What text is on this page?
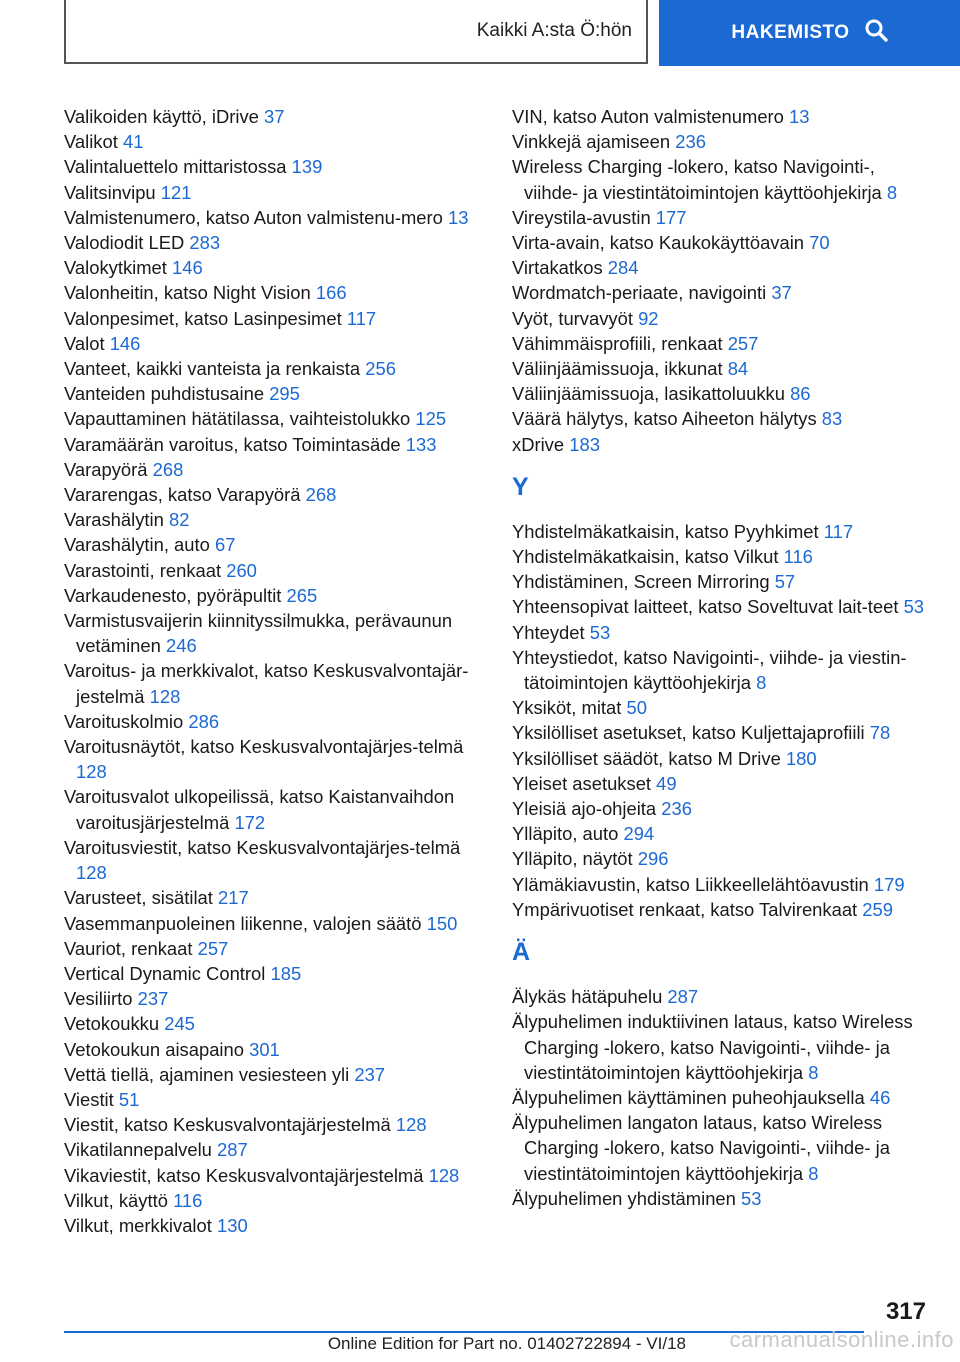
Kaikki A:sta Ö:hön	HAKEMISTO

Valikoiden käyttö, iDrive 37

Valikot 41

Valintaluettelo mittaristossa 139

Valitsinvipu 121

Valmistenumero, katso Auton valmistenu-mero 13

Valodiodit LED 283

Valokytkimet 146

Valonheitin, katso Night Vision 166

Valonpesimet, katso Lasinpesimet 117

Valot 146

Vanteet, kaikki vanteista ja renkaista 256

Vanteiden puhdistusaine 295

Vapauttaminen hätätilassa, vaihteistolukko 125

Varamäärän varoitus, katso Toimintasäde 133

Varapyörä 268

Vararengas, katso Varapyörä 268

Varashälytin 82

Varashälytin, auto 67

Varastointi, renkaat 260

Varkaudenesto, pyöräpultit 265

Varmistusvaijerin kiinnityssilmukka, perävaunun vetäminen 246

Varoitus- ja merkkivalot, katso Keskusvalvontajär-jestelmä 128

Varoituskolmio 286

Varoitusnäytöt, katso Keskusvalvontajärjes-telmä 128

Varoitusvalot ulkopeilissä, katso Kaistanvaihdon varoitusjärjestelmä 172

Varoitusviestit, katso Keskusvalvontajärjes-telmä 128

Varusteet, sisätilat 217

Vasemmanpuoleinen liikenne, valojen säätö 150

Vauriot, renkaat 257

Vertical Dynamic Control 185

Vesiliirto 237

Vetokoukku 245

Vetokoukun aisapaino 301

Vettä tiellä, ajaminen vesiesteen yli 237

Viestit 51

Viestit, katso Keskusvalvontajärjestelmä 128

Vikatilannepalvelu 287

Vikaviestit, katso Keskusvalvontajärjestelmä 128

Vilkut, käyttö 116

Vilkut, merkkivalot 130

VIN, katso Auton valmistenumero 13

Vinkkejä ajamiseen 236

Wireless Charging -lokero, katso Navigointi-, viihde- ja viestintätoimintojen käyttöohjekirja 8

Vireystila-avustin 177

Virta-avain, katso Kaukokäyttöavain 70

Virtakatkos 284

Wordmatch-periaate, navigointi 37

Vyöt, turvavyöt 92

Vähimmäisprofiili, renkaat 257

Väliinjäämissuoja, ikkunat 84

Väliinjäämissuoja, lasikattoluukku 86

Väärä hälytys, katso Aiheeton hälytys 83

xDrive 183

Y

Yhdistelmäkatkaisin, katso Pyyhkimet 117

Yhdistelmäkatkaisin, katso Vilkut 116

Yhdistäminen, Screen Mirroring 57

Yhteensopivat laitteet, katso Soveltuvat lait-teet 53

Yhteydet 53

Yhteystiedot, katso Navigointi-, viihde- ja viestin-tätoimintojen käyttöohjekirja 8

Yksiköt, mitat 50

Yksilölliset asetukset, katso Kuljettajaprofiili 78

Yksilölliset säädöt, katso M Drive 180

Yleiset asetukset 49

Yleisiä ajo-ohjeita 236

Ylläpito, auto 294

Ylläpito, näytöt 296

Ylämäkiavustin, katso Liikkeellelähtöavustin 179

Ympärivuotiset renkaat, katso Talvirenkaat 259

Ä

Älykäs hätäpuhelu 287

Älypuhelimen induktiivinen lataus, katso Wireless Charging -lokero, katso Navigointi-, viihde- ja viestintätoimintojen käyttöohjekirja 8

Älypuhelimen käyttäminen puheohjauksella 46

Älypuhelimen langaton lataus, katso Wireless Charging -lokero, katso Navigointi-, viihde- ja viestintätoimintojen käyttöohjekirja 8

Älypuhelimen yhdistäminen 53

317
Online Edition for Part no. 01402722894 - VI/18 carmanualsonline.info
